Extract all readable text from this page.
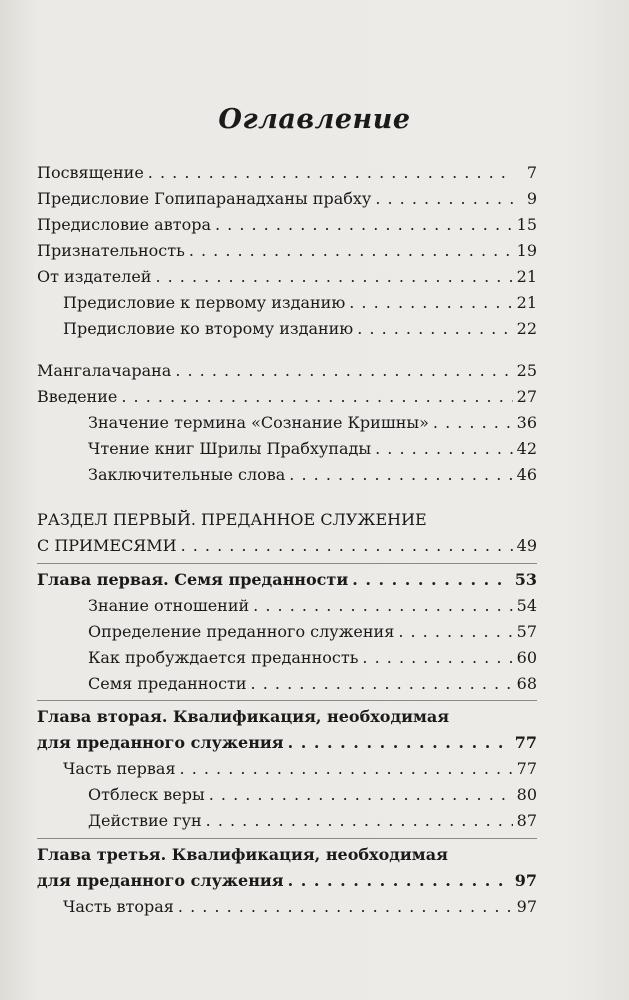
Оглавление
Посвящение . . .	7
Предисловие Гопипаранадханы прабху . . .	9
Предисловие автора . . .	15
Признательность . . .	19
От издателей . . .	21
Предисловие к первому изданию . . .	21
Предисловие ко второму изданию . . .	22
Мангалачарана . . .	25
Введение . . .	27
Значение термина «Сознание Кришны» . . .	36
Чтение книг Шрилы Прабхупады . . .	42
Заключительные слова . . .	46
РАЗДЕЛ ПЕРВЫЙ. ПРЕДАННОЕ СЛУЖЕНИЕ
С ПРИМЕСЯМИ . . .	49
Глава первая. Семя преданности . . .	53
Знание отношений . . .	54
Определение преданного служения . . .	57
Как пробуждается преданность . . .	60
Семя преданности . . .	68
Глава вторая. Квалификация, необходимая
для преданного служения . . .	77
Часть первая . . .	77
Отблеск веры . . .	80
Действие гун . . .	87
Глава третья. Квалификация, необходимая
для преданного служения . . .	97
Часть вторая . . .	97
